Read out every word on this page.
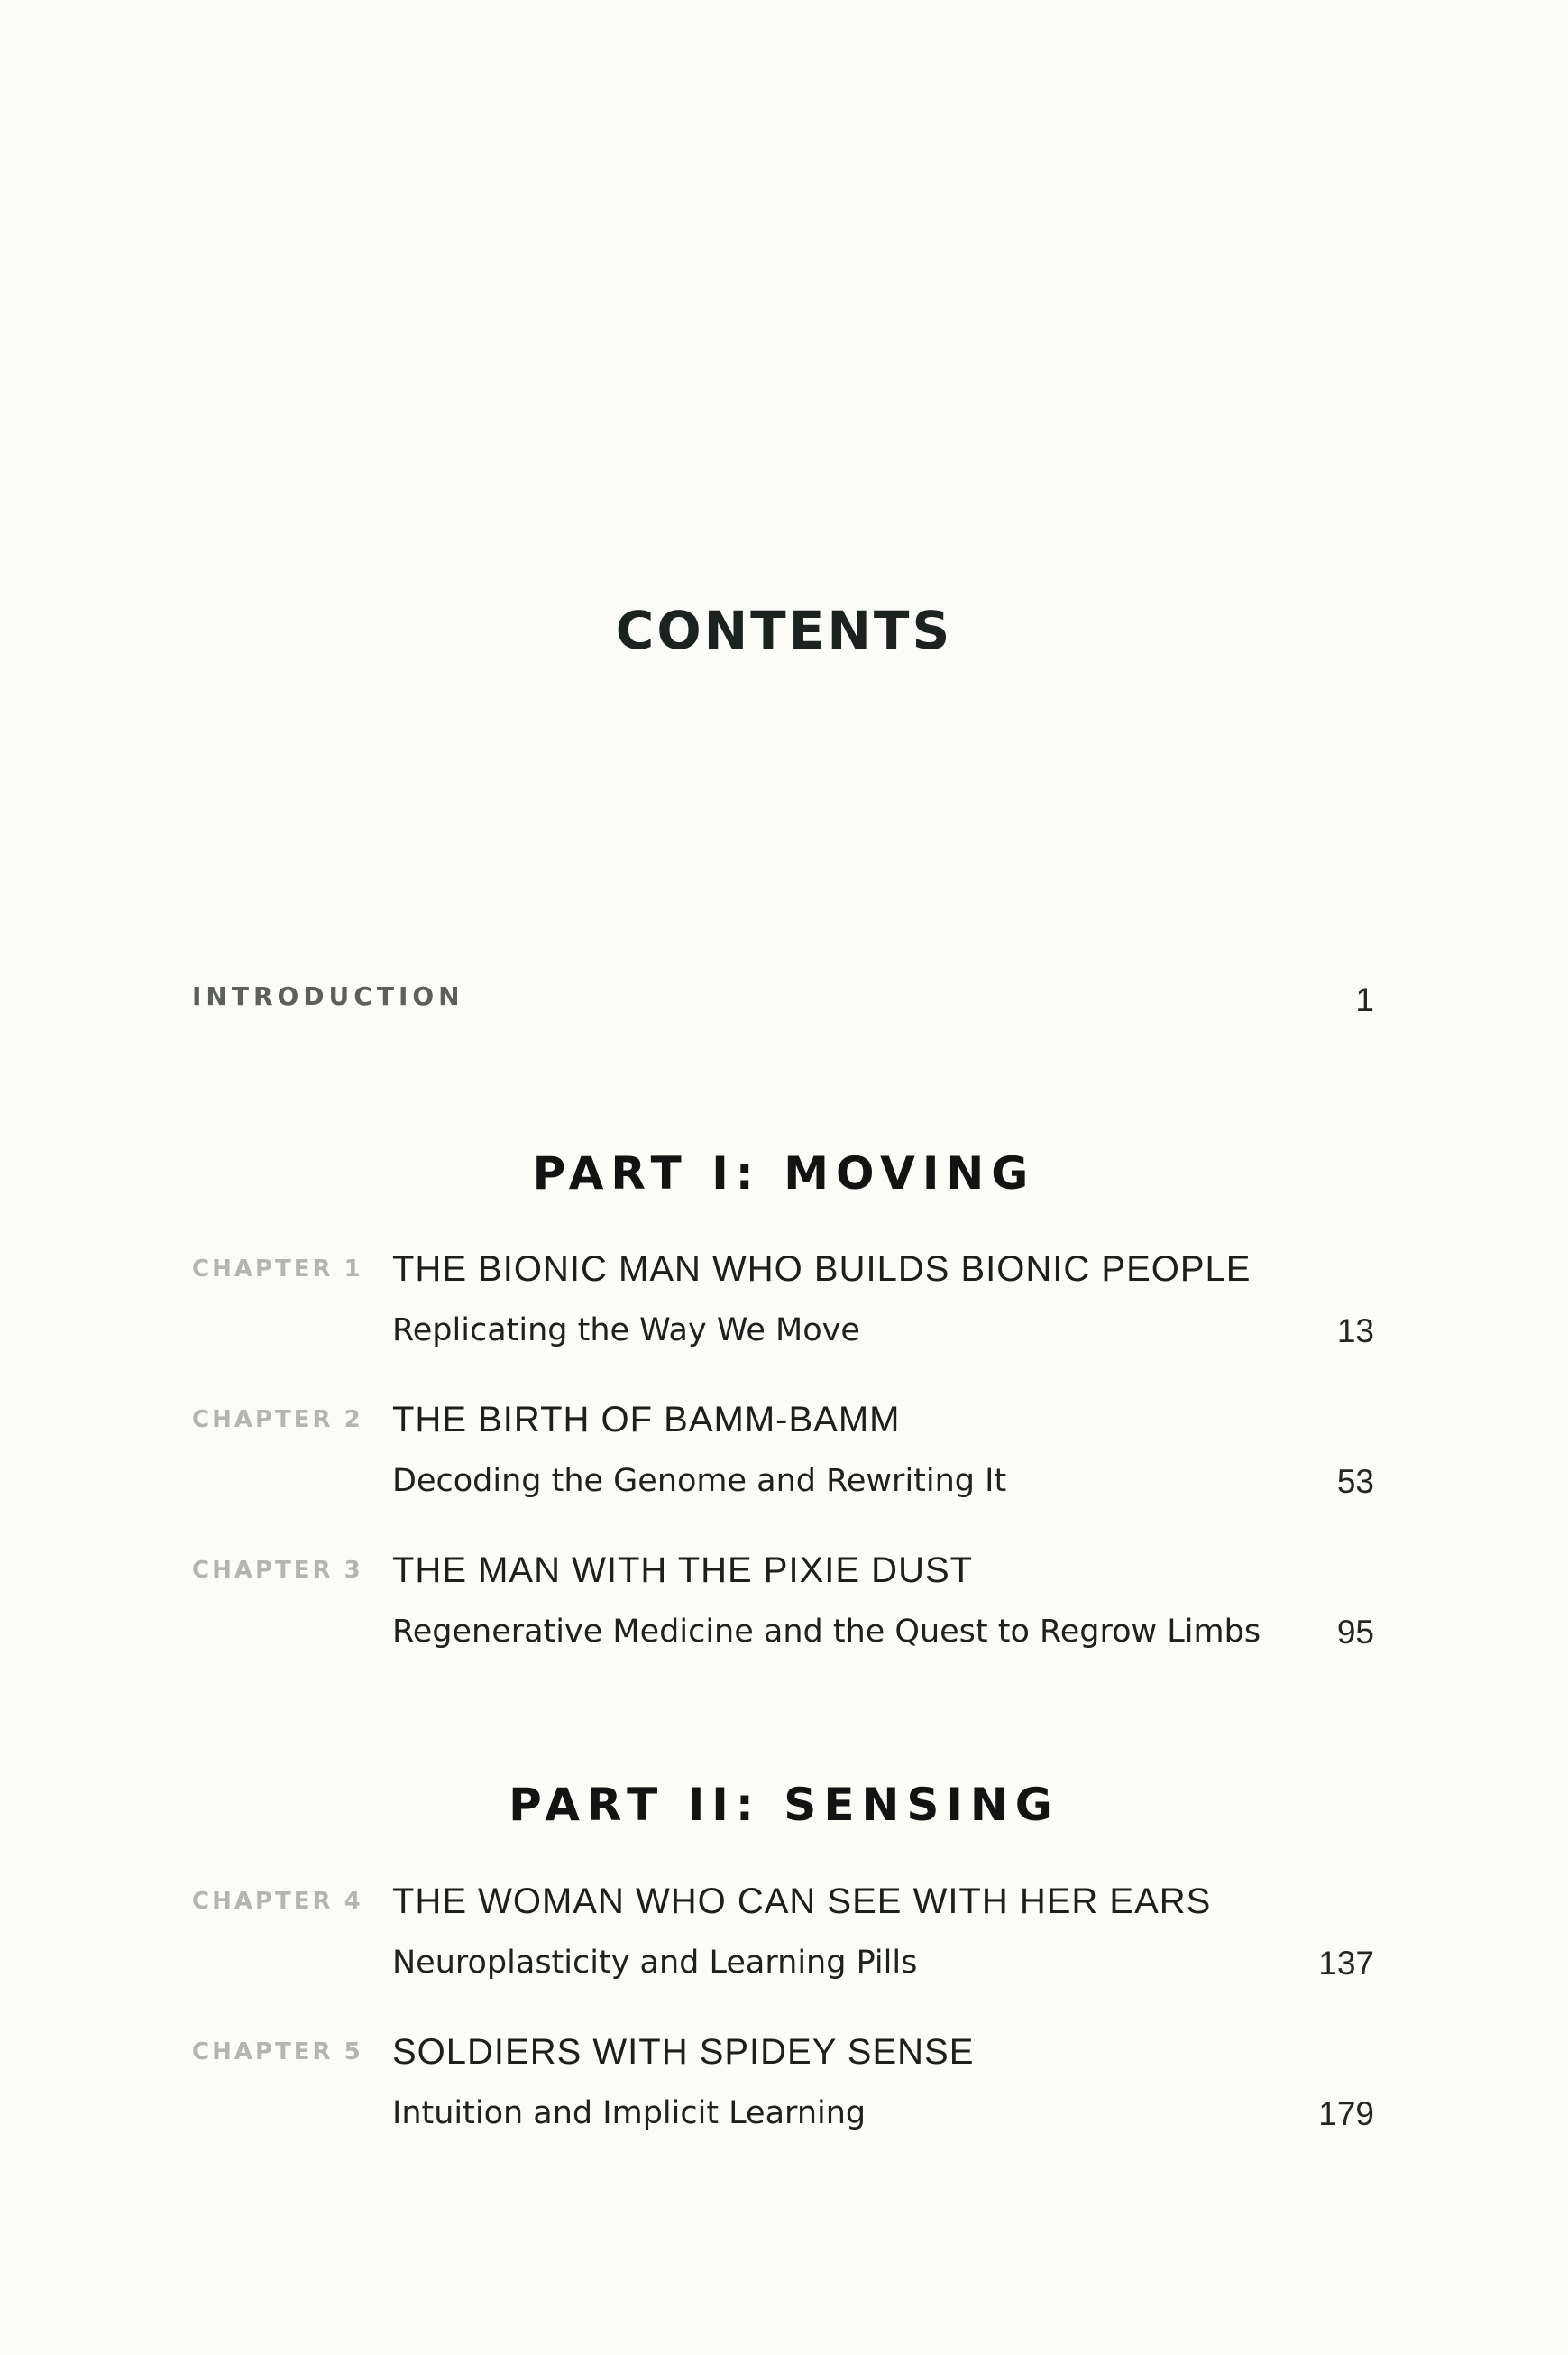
CONTENTS
INTRODUCTION	1
PART I: MOVING
CHAPTER 1 THE BIONIC MAN WHO BUILDS BIONIC PEOPLE
Replicating the Way We Move	13
CHAPTER 2 THE BIRTH OF BAMM-BAMM
Decoding the Genome and Rewriting It	53
CHAPTER 3 THE MAN WITH THE PIXIE DUST
Regenerative Medicine and the Quest to Regrow Limbs	95
PART II: SENSING
CHAPTER 4 THE WOMAN WHO CAN SEE WITH HER EARS
Neuroplasticity and Learning Pills	137
CHAPTER 5 SOLDIERS WITH SPIDEY SENSE
Intuition and Implicit Learning	179
